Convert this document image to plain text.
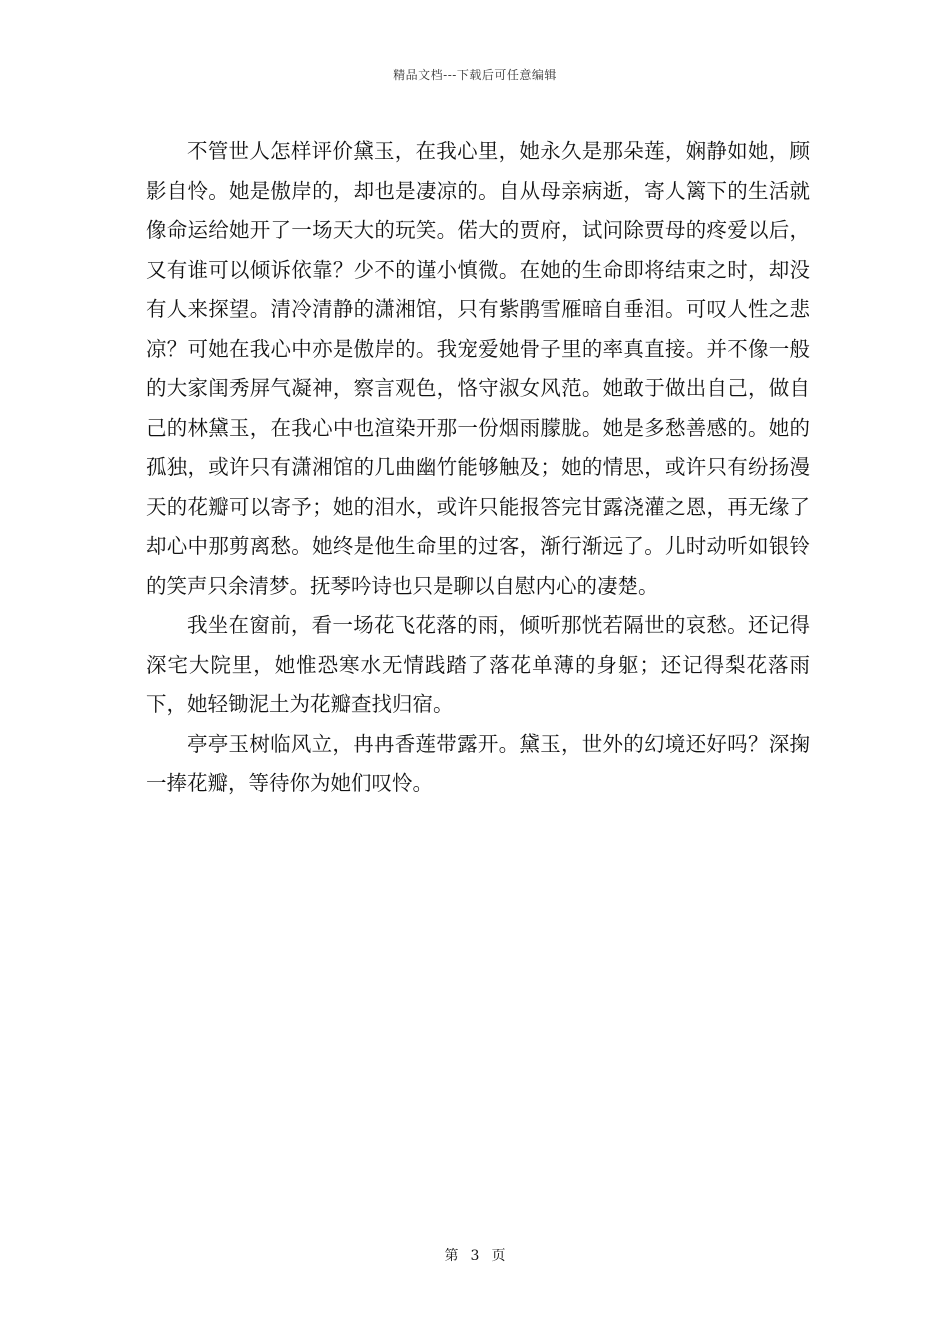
精品文档---下载后可任意编辑

不管世人怎样评价黛玉，在我心里，她永久是那朵莲，娴静如她，顾影自怜。她是傲岸的，却也是凄凉的。自从母亲病逝，寄人篱下的生活就像命运给她开了一场天大的玩笑。偌大的贾府，试问除贾母的疼爱以后，又有谁可以倾诉依靠？少不的谨小慎微。在她的生命即将结束之时，却没有人来探望。清冷清静的潇湘馆，只有紫鹃雪雁暗自垂泪。可叹人性之悲凉？可她在我心中亦是傲岸的。我宠爱她骨子里的率真直接。并不像一般的大家闺秀屏气凝神，察言观色，恪守淑女风范。她敢于做出自己，做自己的林黛玉，在我心中也渲染开那一份烟雨朦胧。她是多愁善感的。她的孤独，或许只有潇湘馆的几曲幽竹能够触及；她的情思，或许只有纷扬漫天的花瓣可以寄予；她的泪水，或许只能报答完甘露浇灌之恩，再无缘了却心中那剪离愁。她终是他生命里的过客，渐行渐远了。儿时动听如银铃的笑声只余清梦。抚琴吟诗也只是聊以自慰内心的凄楚。

我坐在窗前，看一场花飞花落的雨，倾听那恍若隔世的哀愁。还记得深宅大院里，她惟恐寒水无情践踏了落花单薄的身躯；还记得梨花落雨下，她轻锄泥土为花瓣查找归宿。

亭亭玉树临风立，冉冉香莲带露开。黛玉，世外的幻境还好吗？深掬一捧花瓣，等待你为她们叹怜。

第 3 页
